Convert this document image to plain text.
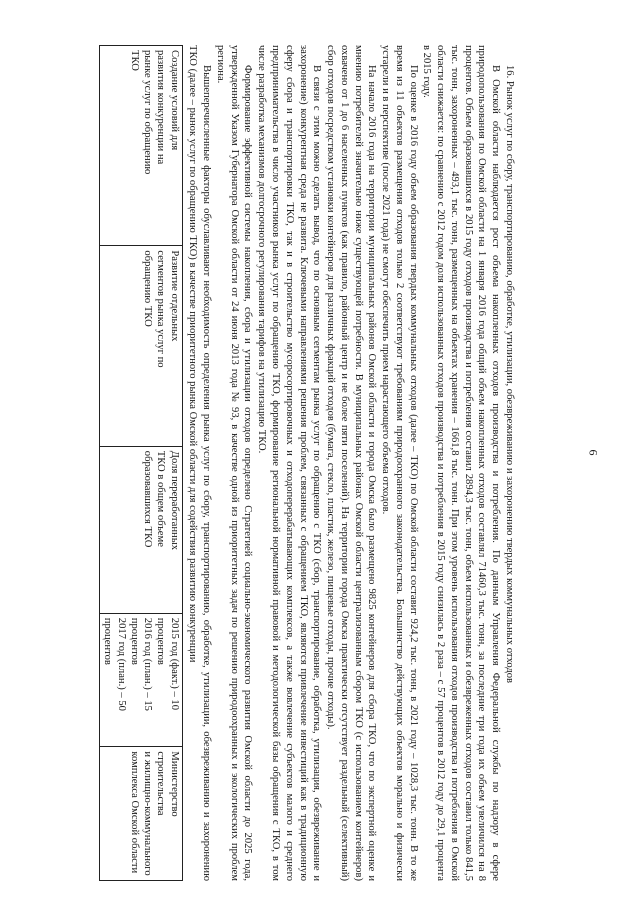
6

16. Рынок услуг по сбору, транспортированию, обработке, утилизации, обезвреживанию и захоронению твердых коммунальных отходов

В Омской области наблюдается рост объема накопленных отходов производства и потребления. По данным Управления Федеральной службы по надзору в сфере природопользования по Омской области на 1 января 2016 года общий объем накопленных отходов составлял 71460,3 тыс. тонн, за последние три года их объем увеличился на 8 процентов. Объем образовавшихся в 2015 году отходов производства и потребления составил 2894,3 тыс. тонн, объем использованных и обезвреженных отходов составил только 841,5 тыс. тонн, захороненных – 493,1 тыс. тонн, размещенных на объектах хранения – 1661,8 тыс. тонн. При этом уровень использования отходов производства и потребления в Омской области снижается: по сравнению с 2012 годом доля использованных отходов производства и потребления в 2015 году снизилась в 2 раза – с 57 процентов в 2012 году до 29,1 процента в 2015 году.

По оценке в 2016 году объем образования твердых коммунальных отходов (далее – ТКО) по Омской области составит 924,2 тыс. тонн, в 2021 году – 1028,3 тыс. тонн. В то же время из 11 объектов размещения отходов только 2 соответствуют требованиям природоохранного законодательства. Большинство действующих объектов морально и физически устарели и в перспективе (после 2021 года) не смогут обеспечить прием нарастающего объема отходов.

На начало 2016 года на территории муниципальных районов Омской области и города Омска было размещено 9825 контейнеров для сбора ТКО, что по экспертной оценке и мнению потребителей значительно ниже существующей потребности. В муниципальных районах Омской области централизованным сбором ТКО (с использованием контейнеров) охвачено от 1 до 6 населенных пунктов (как правило, районный центр и не более пяти поселений). На территории города Омска практически отсутствует раздельный (селективный) сбор отходов посредством установки контейнеров для различных фракций отходов (бумага, стекло, пластик, железо, пищевые отходы, прочие отходы).

В связи с этим можно сделать вывод, что по основным сегментам рынка услуг по обращению с ТКО (сбор, транспортирование, обработка, утилизация, обезвреживание и захоронение) конкурентная среда не развита. Ключевыми направлениями решения проблем, связанных с обращением ТКО, являются привлечение инвестиций как в традиционную сферу сбора и транспортировки ТКО, так и в строительство мусоросортировочных и отходоперерабатывающих комплексов, а также вовлечение субъектов малого и среднего предпринимательства в число участников рынка услуг по обращению ТКО, формирование региональной нормативной правовой и методологической базы обращения с ТКО, в том числе разработка механизмов долгосрочного регулирования тарифов на утилизацию ТКО.

Формирование эффективной системы накопления, сбора и утилизации отходов определено Стратегией социально-экономического развития Омской области до 2025 года, утвержденной Указом Губернатора Омской области от 24 июня 2013 года № 93, в качестве одной из приоритетных задач по решению природоохранных и экологических проблем региона.

Вышеперечисленные факторы обуславливают необходимость определения рынка услуг по сбору, транспортированию, обработке, утилизации, обезвреживанию и захоронению ТКО (далее – рынок услуг по обращению ТКО) в качестве приоритетного рынка Омской области для содействия развитию конкуренции

Создание условий для
развития конкуренции на
рынке услуг по обращению
ТКО

Развитие отдельных
сегментов рынка услуг по
обращению ТКО

Доля переработанных
ТКО в общем объеме
образовавшихся ТКО

2015 год (факт.) – 10
процентов
2016 год (план.) – 15
процентов
2017 год (план.) – 50
процентов

Министерство строительства
и жилищно-коммунального
комплекса Омской области
